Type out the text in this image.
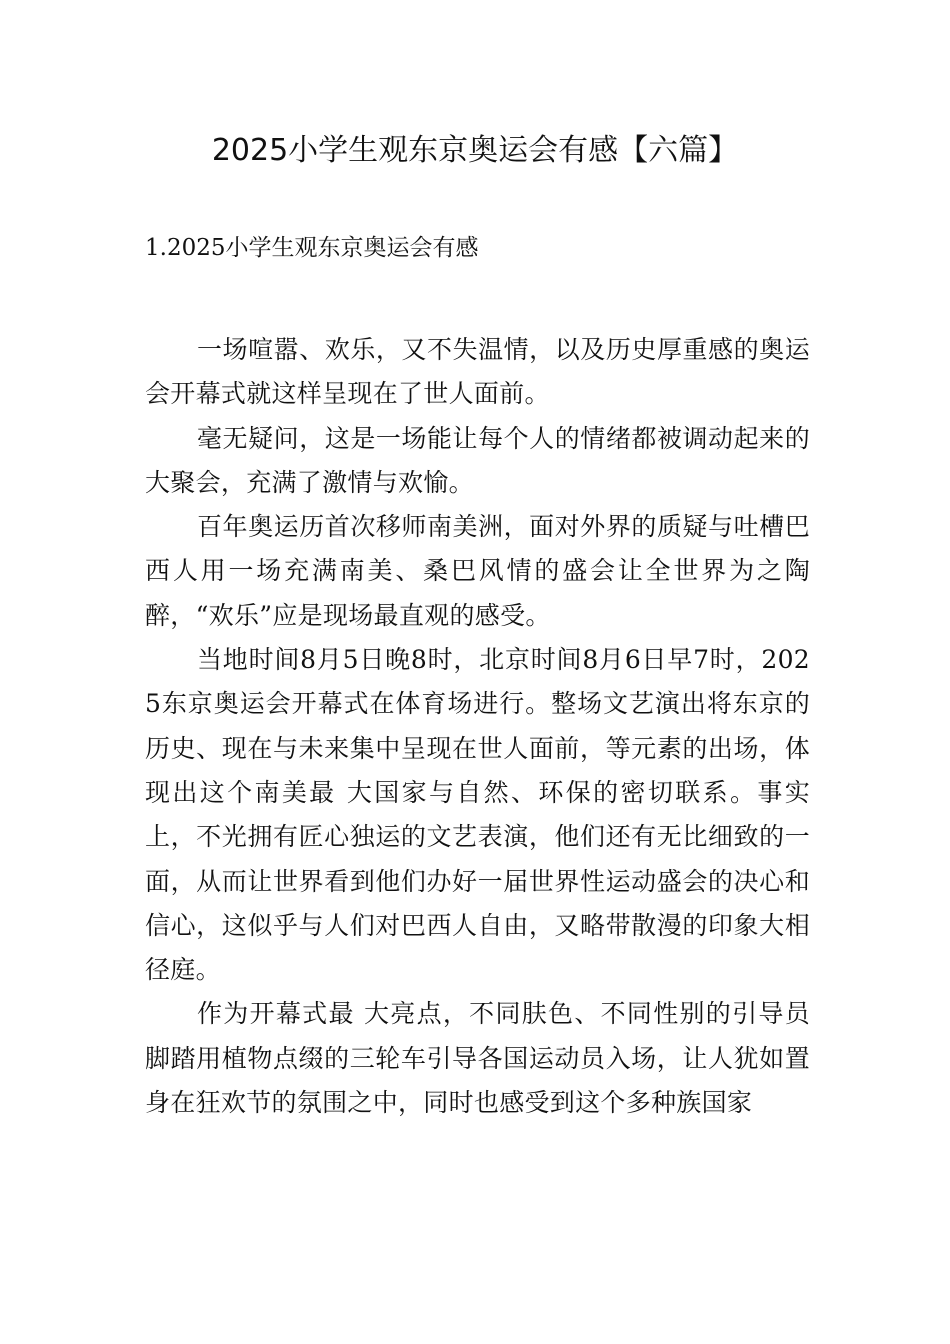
2025小学生观东京奥运会有感【六篇】
1.2025小学生观东京奥运会有感

一场喧嚣、欢乐，又不失温情，以及历史厚重感的奥运会开幕式就这样呈现在了世人面前。

毫无疑问，这是一场能让每个人的情绪都被调动起来的大聚会，充满了激情与欢愉。

百年奥运历首次移师南美洲，面对外界的质疑与吐槽巴西人用一场充满南美、桑巴风情的盛会让全世界为之陶醉，“欢乐”应是现场最直观的感受。

当地时间8月5日晚8时，北京时间8月6日早7时，2025东京奥运会开幕式在体育场进行。整场文艺演出将东京的历史、现在与未来集中呈现在世人面前，等元素的出场，体现出这个南美最 大国家与自然、环保的密切联系。事实上，不光拥有匠心独运的文艺表演，他们还有无比细致的一面，从而让世界看到他们办好一届世界性运动盛会的决心和信心，这似乎与人们对巴西人自由，又略带散漫的印象大相径庭。

作为开幕式最 大亮点，不同肤色、不同性别的引导员脚踏用植物点缀的三轮车引导各国运动员入场，让人犹如置身在狂欢节的氛围之中，同时也感受到这个多种族国家
